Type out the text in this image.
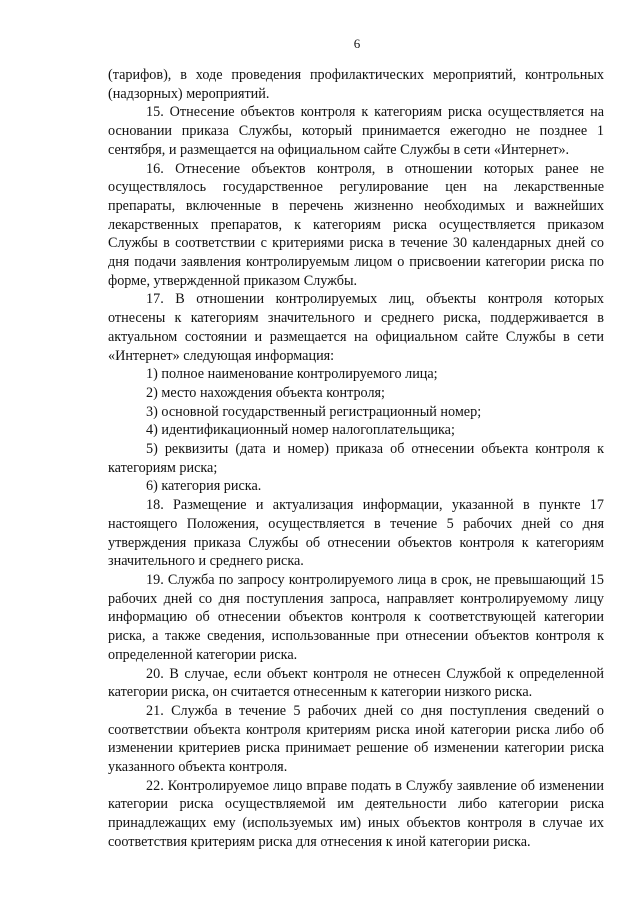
6

(тарифов), в ходе проведения профилактических мероприятий, контрольных (надзорных) мероприятий.

15. Отнесение объектов контроля к категориям риска осуществляется на основании приказа Службы, который принимается ежегодно не позднее 1 сентября, и размещается на официальном сайте Службы в сети «Интернет».

16. Отнесение объектов контроля, в отношении которых ранее не осуществлялось государственное регулирование цен на лекарственные препараты, включенные в перечень жизненно необходимых и важнейших лекарственных препаратов, к категориям риска осуществляется приказом Службы в соответствии с критериями риска в течение 30 календарных дней со дня подачи заявления контролируемым лицом о присвоении категории риска по форме, утвержденной приказом Службы.

17. В отношении контролируемых лиц, объекты контроля которых отнесены к категориям значительного и среднего риска, поддерживается в актуальном состоянии и размещается на официальном сайте Службы в сети «Интернет» следующая информация:

1) полное наименование контролируемого лица;

2) место нахождения объекта контроля;

3) основной государственный регистрационный номер;

4) идентификационный номер налогоплательщика;

5) реквизиты (дата и номер) приказа об отнесении объекта контроля к категориям риска;

6) категория риска.

18. Размещение и актуализация информации, указанной в пункте 17 настоящего Положения, осуществляется в течение 5 рабочих дней со дня утверждения приказа Службы об отнесении объектов контроля к категориям значительного и среднего риска.

19. Служба по запросу контролируемого лица в срок, не превышающий 15 рабочих дней со дня поступления запроса, направляет контролируемому лицу информацию об отнесении объектов контроля к соответствующей категории риска, а также сведения, использованные при отнесении объектов контроля к определенной категории риска.

20. В случае, если объект контроля не отнесен Службой к определенной категории риска, он считается отнесенным к категории низкого риска.

21. Служба в течение 5 рабочих дней со дня поступления сведений о соответствии объекта контроля критериям риска иной категории риска либо об изменении критериев риска принимает решение об изменении категории риска указанного объекта контроля.

22. Контролируемое лицо вправе подать в Службу заявление об изменении категории риска осуществляемой им деятельности либо категории риска принадлежащих ему (используемых им) иных объектов контроля в случае их соответствия критериям риска для отнесения к иной категории риска.
